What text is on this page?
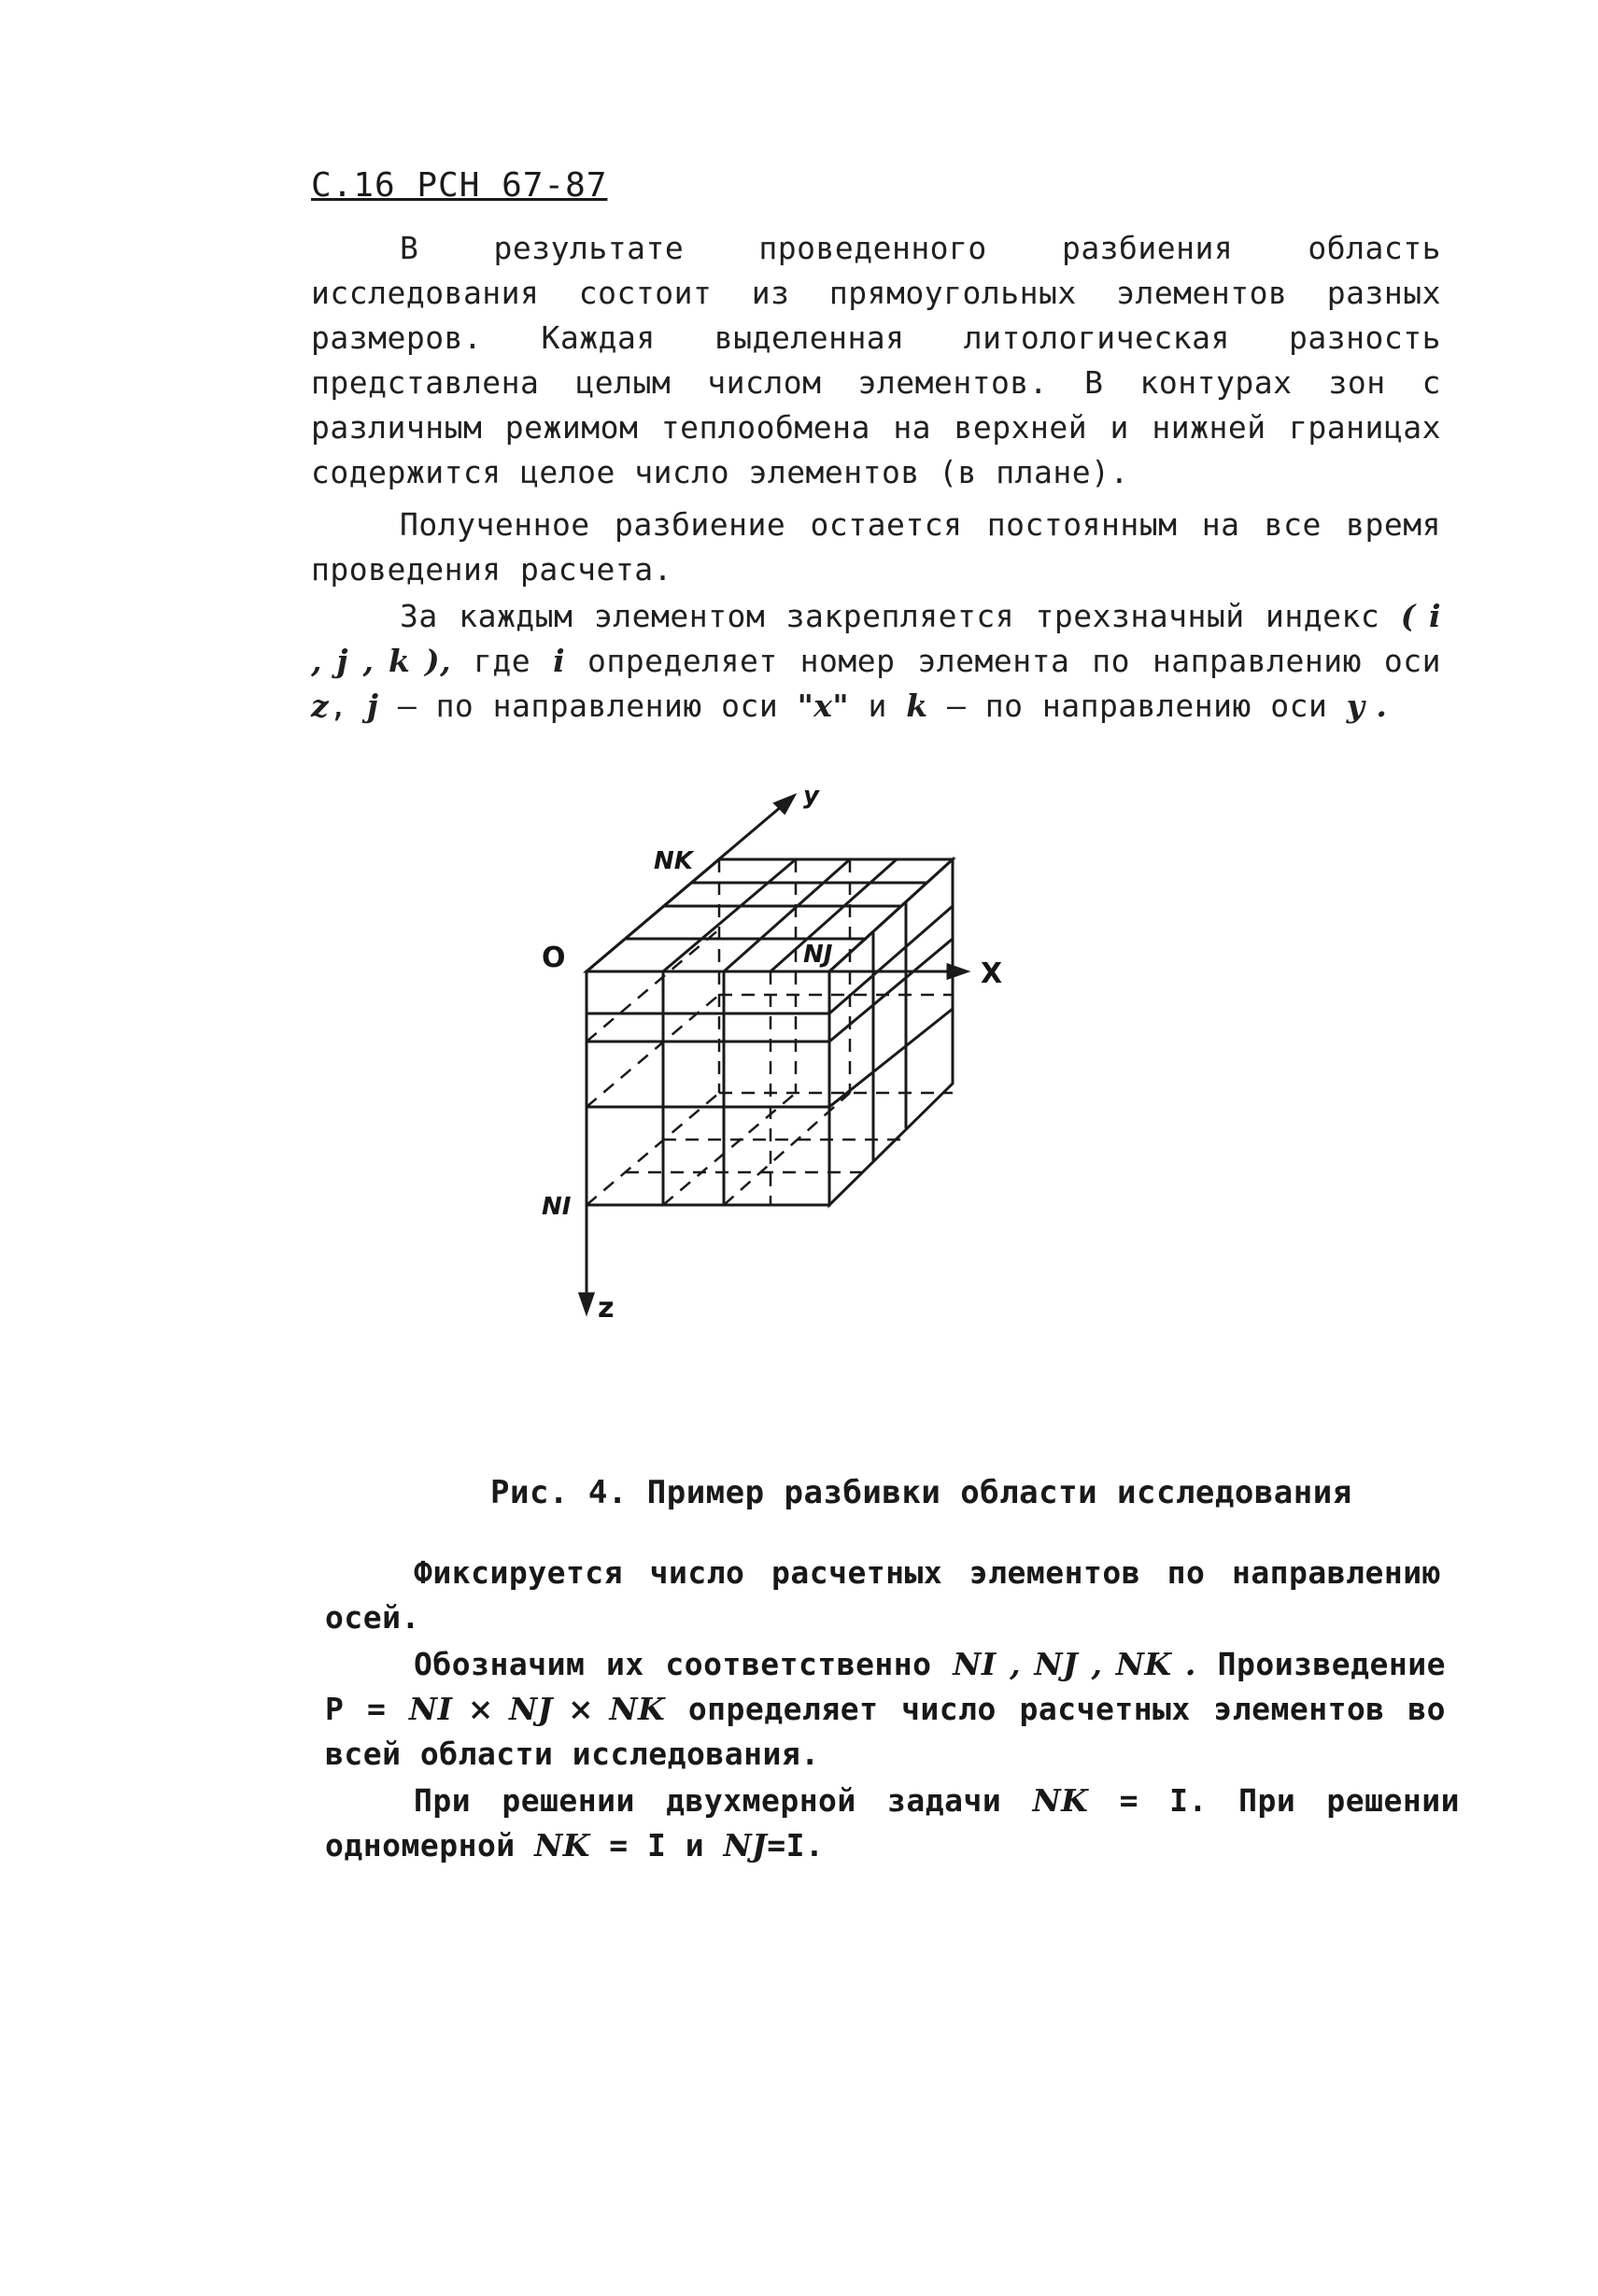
С.16 РСН 67-87

В результате проведенного разбиения область исследования состоит из прямоугольных элементов разных размеров. Каждая выделенная литологическая разность представлена целым числом элементов. В контурах зон с различным режимом теплообмена на верхней и нижней границах содержится целое число элементов (в плане).

Полученное разбиение остается постоянным на все время проведения расчета.

За каждым элементом закрепляется трехзначный индекс ( i , j , k ), где i определяет номер элемента по направлению оси z, j – по направлению оси "x" и k – по направлению оси y .

y
X
z
O
NK
NJ
NI
Рис. 4. Пример разбивки области исследования

Фиксируется число расчетных элементов по направлению осей.

Обозначим их соответственно NI , NJ , NK . Произведение P = NI × NJ × NK определяет число расчетных элементов во всей области исследования.

При решении двухмерной задачи NK = I. При решении одномерной NK = I и NJ=I.
